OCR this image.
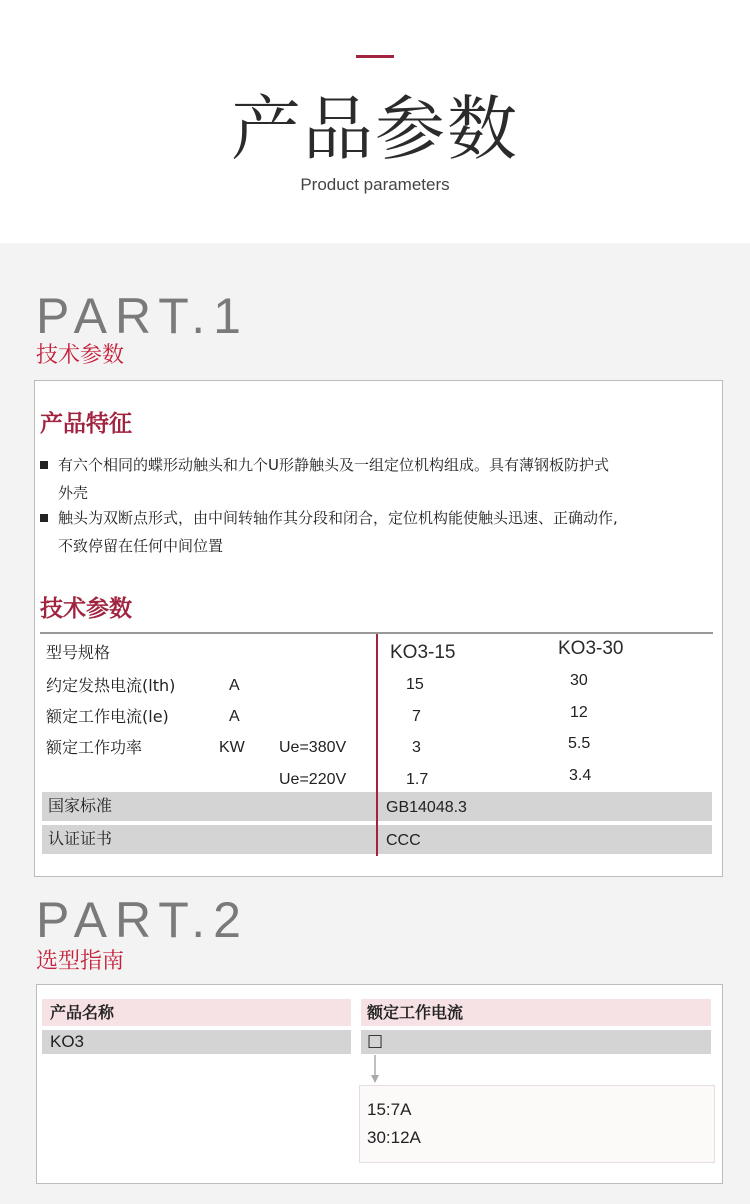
产品参数
Product parameters
PART.1
技术参数
产品特征
有六个相同的蝶形动触头和九个U形静触头及一组定位机构组成。具有薄钢板防护式
外壳
触头为双断点形式，由中间转轴作其分段和闭合，定位机构能使触头迅速、正确动作,
不致停留在任何中间位置
技术参数
型号规格	KO3-15	KO3-30
约定发热电流(lth)	A	15	30
额定工作电流(le)	A	7	12
额定工作功率	KW Ue=380V	3	5.5
Ue=220V	1.7	3.4
国家标准	GB14048.3
认证证书	CCC
PART.2
选型指南
产品名称	额定工作电流
KO3	□
15:7A
30:12A
